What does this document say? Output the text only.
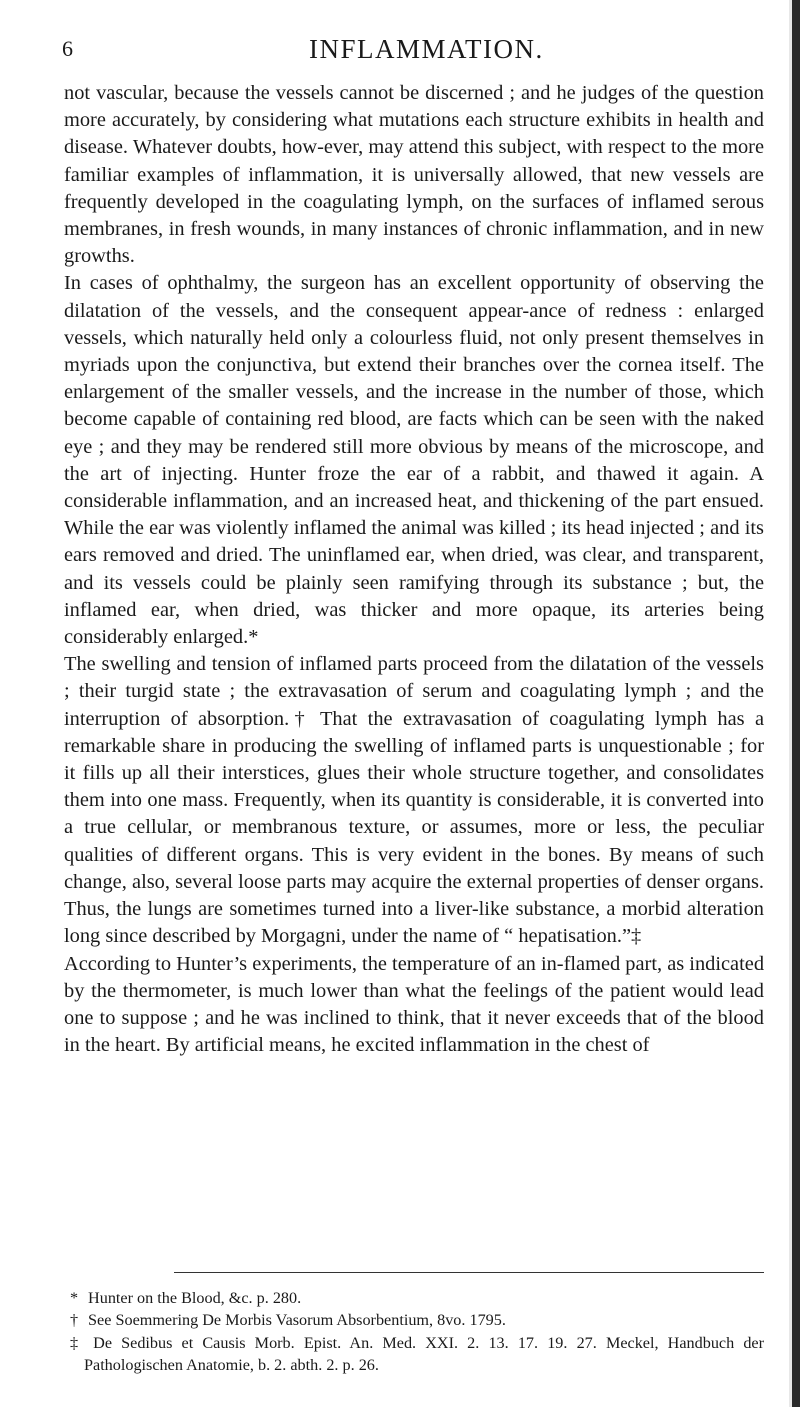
6	INFLAMMATION.

not vascular, because the vessels cannot be discerned ; and he judges of the question more accurately, by considering what mutations each structure exhibits in health and disease. Whatever doubts, how-ever, may attend this subject, with respect to the more familiar examples of inflammation, it is universally allowed, that new vessels are frequently developed in the coagulating lymph, on the surfaces of inflamed serous membranes, in fresh wounds, in many instances of chronic inflammation, and in new growths.

In cases of ophthalmy, the surgeon has an excellent opportunity of observing the dilatation of the vessels, and the consequent appear-ance of redness : enlarged vessels, which naturally held only a colourless fluid, not only present themselves in myriads upon the conjunctiva, but extend their branches over the cornea itself. The enlargement of the smaller vessels, and the increase in the number of those, which become capable of containing red blood, are facts which can be seen with the naked eye ; and they may be rendered still more obvious by means of the microscope, and the art of injecting. Hunter froze the ear of a rabbit, and thawed it again. A considerable inflammation, and an increased heat, and thickening of the part ensued. While the ear was violently inflamed the animal was killed ; its head injected ; and its ears removed and dried. The uninflamed ear, when dried, was clear, and transparent, and its vessels could be plainly seen ramifying through its substance ; but, the inflamed ear, when dried, was thicker and more opaque, its arteries being considerably enlarged.*

The swelling and tension of inflamed parts proceed from the dilatation of the vessels ; their turgid state ; the extravasation of serum and coagulating lymph ; and the interruption of absorption.† That the extravasation of coagulating lymph has a remarkable share in producing the swelling of inflamed parts is unquestionable ; for it fills up all their interstices, glues their whole structure together, and consolidates them into one mass. Frequently, when its quantity is considerable, it is converted into a true cellular, or membranous texture, or assumes, more or less, the peculiar qualities of different organs. This is very evident in the bones. By means of such change, also, several loose parts may acquire the external properties of denser organs. Thus, the lungs are sometimes turned into a liver-like substance, a morbid alteration long since described by Morgagni, under the name of “ hepatisation.”‡

According to Hunter’s experiments, the temperature of an in-flamed part, as indicated by the thermometer, is much lower than what the feelings of the patient would lead one to suppose ; and he was inclined to think, that it never exceeds that of the blood in the heart. By artificial means, he excited inflammation in the chest of

* Hunter on the Blood, &c. p. 280.

† See Soemmering De Morbis Vasorum Absorbentium, 8vo. 1795.

‡ De Sedibus et Causis Morb. Epist. An. Med. XXI. 2. 13. 17. 19. 27. Meckel, Handbuch der Pathologischen Anatomie, b. 2. abth. 2. p. 26.
